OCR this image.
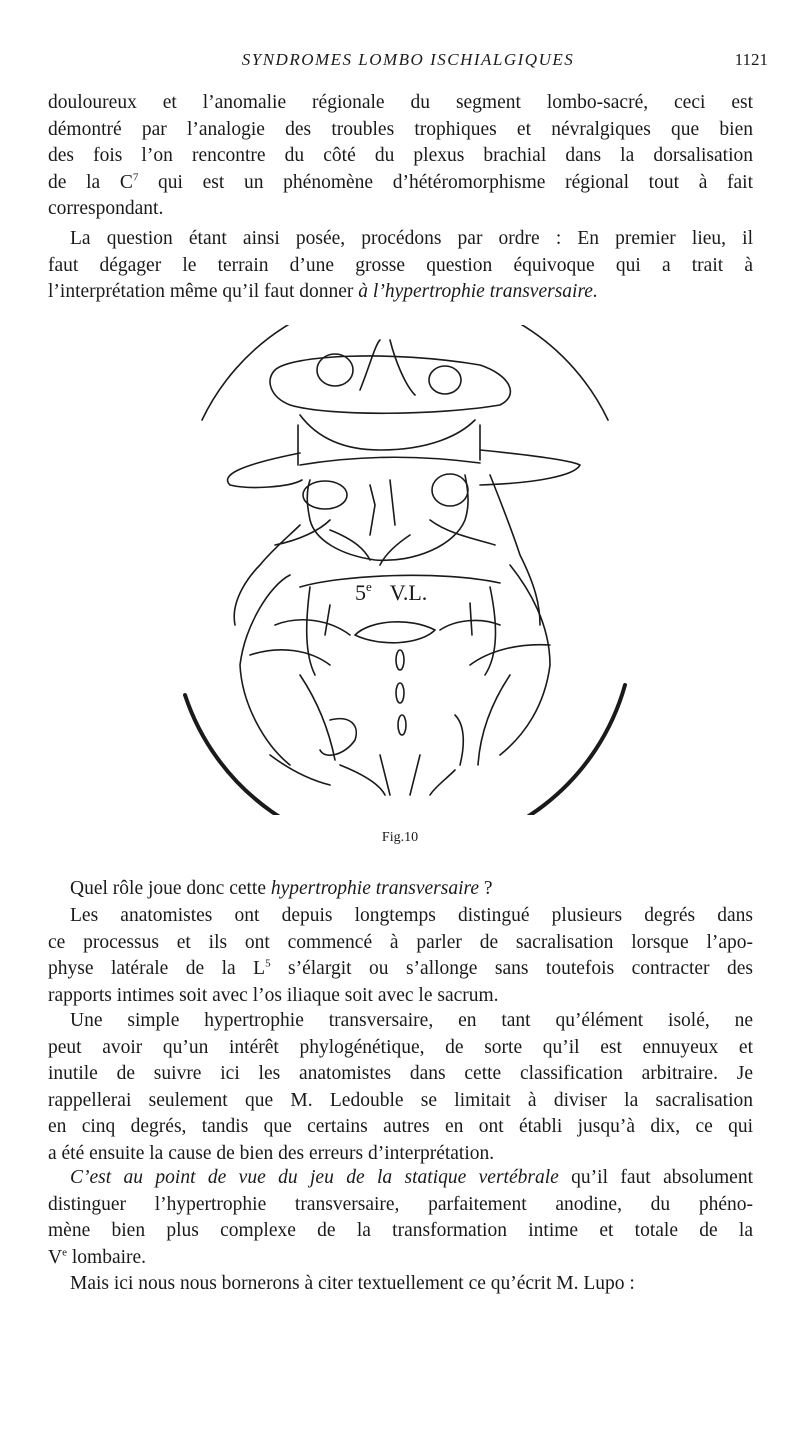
SYNDROMES LOMBO ISCHIALGIQUES	1121

douloureux et l’anomalie régionale du segment lombo-sacré, ceci est
démontré par l’analogie des troubles trophiques et névralgiques que bien
des fois l’on rencontre du côté du plexus brachial dans la dorsalisation
de la $C^7$ qui est un phénomène d’hétéromorphisme régional tout à fait
correspondant.

La question étant ainsi posée, procédons par ordre : En premier lieu, il
faut dégager le terrain d’une grosse question équivoque qui a trait à
l’interprétation même qu’il faut donner à l’hypertrophie transversaire.

5e V.L.
Fig.10

Quel rôle joue donc cette hypertrophie transversaire ?

Les anatomistes ont depuis longtemps distingué plusieurs degrés dans
ce processus et ils ont commencé à parler de sacralisation lorsque l’apo-
physe latérale de la $L^5$ s’élargit ou s’allonge sans toutefois contracter des
rapports intimes soit avec l’os iliaque soit avec le sacrum.

Une simple hypertrophie transversaire, en tant qu’élément isolé, ne
peut avoir qu’un intérêt phylogénétique, de sorte qu’il est ennuyeux et
inutile de suivre ici les anatomistes dans cette classification arbitraire. Je
rappellerai seulement que M. Ledouble se limitait à diviser la sacralisation
en cinq degrés, tandis que certains autres en ont établi jusqu’à dix, ce qui
a été ensuite la cause de bien des erreurs d’interprétation.

C’est au point de vue du jeu de la statique vertébrale qu’il faut absolument
distinguer l’hypertrophie transversaire, parfaitement anodine, du phéno-
mène bien plus complexe de la transformation intime et totale de la
Ve lombaire.

Mais ici nous nous bornerons à citer textuellement ce qu’écrit M. Lupo :
